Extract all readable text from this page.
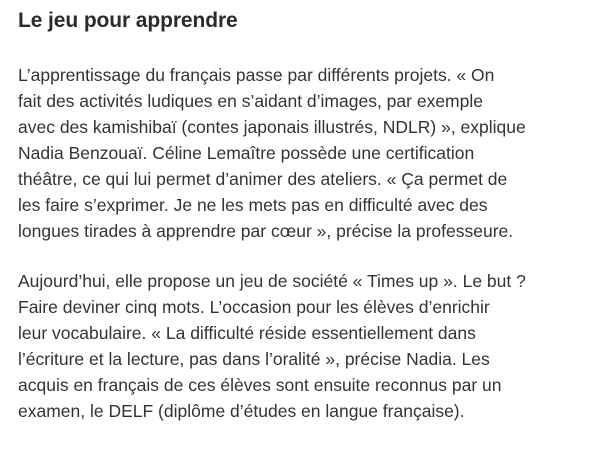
Le jeu pour apprendre

L’apprentissage du français passe par différents projets. « On
fait des activités ludiques en s’aidant d’images, par exemple
avec des kamishibaï (contes japonais illustrés, NDLR) », explique
Nadia Benzouaï. Céline Lemaître possède une certification
théâtre, ce qui lui permet d’animer des ateliers. « Ça permet de
les faire s’exprimer. Je ne les mets pas en difficulté avec des
longues tirades à apprendre par cœur », précise la professeure.

Aujourd’hui, elle propose un jeu de société « Times up ». Le but ?
Faire deviner cinq mots. L’occasion pour les élèves d’enrichir
leur vocabulaire. « La difficulté réside essentiellement dans
l’écriture et la lecture, pas dans l’oralité », précise Nadia. Les
acquis en français de ces élèves sont ensuite reconnus par un
examen, le DELF (diplôme d’études en langue française).
